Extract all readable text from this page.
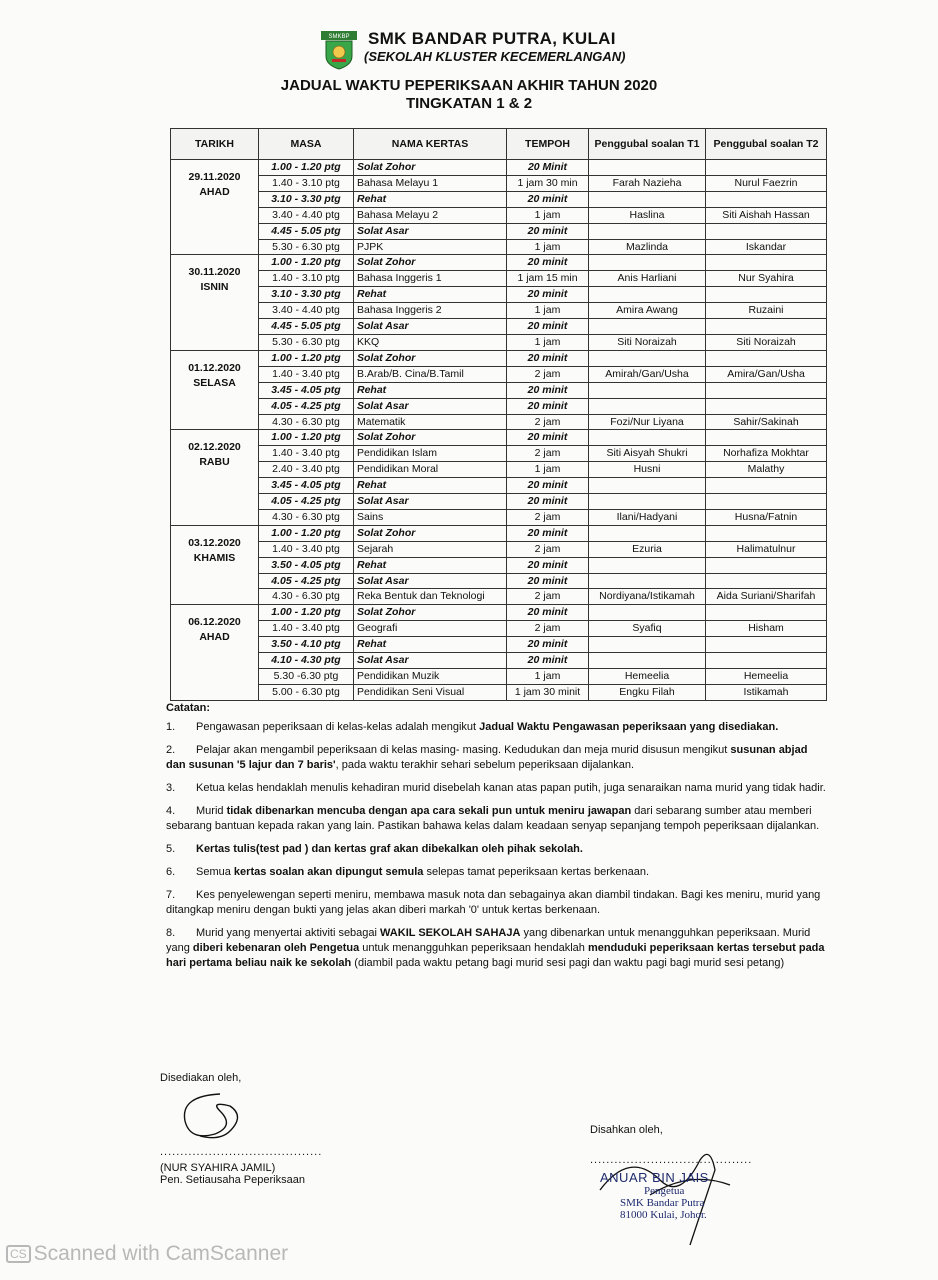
SMKBP SMK BANDAR PUTRA, KULAI
(SEKOLAH KLUSTER KECEMERLANGAN)
JADUAL WAKTU PEPERIKSAAN AKHIR TAHUN 2020
TINGKATAN 1 & 2
TARIKH	MASA	NAMA KERTAS	TEMPOH	Penggubal soalan T1	Penggubal soalan T2

29.11.2020
AHAD	1.00 - 1.20 ptg	Solat Zohor	20 Minit		
	1.40 - 3.10 ptg	Bahasa Melayu 1	1 jam 30 min	Farah Nazieha	Nurul Faezrin
	3.10 - 3.30 ptg	Rehat	20 minit		
	3.40 - 4.40 ptg	Bahasa Melayu 2	1 jam	Haslina	Siti Aishah Hassan
	4.45 - 5.05 ptg	Solat Asar	20 minit		
	5.30 - 6.30 ptg	PJPK	1 jam	Mazlinda	Iskandar

30.11.2020
ISNIN	1.00 - 1.20 ptg	Solat Zohor	20 minit		
	1.40 - 3.10 ptg	Bahasa Inggeris 1	1 jam 15 min	Anis Harliani	Nur Syahira
	3.10 - 3.30 ptg	Rehat	20 minit		
	3.40 - 4.40 ptg	Bahasa Inggeris 2	1 jam	Amira Awang	Ruzaini
	4.45 - 5.05 ptg	Solat Asar	20 minit		
	5.30 - 6.30 ptg	KKQ	1 jam	Siti Noraizah	Siti Noraizah

01.12.2020
SELASA	1.00 - 1.20 ptg	Solat Zohor	20 minit		
	1.40 - 3.40 ptg	B.Arab/B. Cina/B.Tamil	2 jam	Amirah/Gan/Usha	Amira/Gan/Usha
	3.45 - 4.05 ptg	Rehat	20 minit		
	4.05 - 4.25 ptg	Solat Asar	20 minit		
	4.30 - 6.30 ptg	Matematik	2 jam	Fozi/Nur Liyana	Sahir/Sakinah

02.12.2020
RABU	1.00 - 1.20 ptg	Solat Zohor	20 minit		
	1.40 - 3.40 ptg	Pendidikan Islam	2 jam	Siti Aisyah Shukri	Norhafiza Mokhtar
	2.40 - 3.40 ptg	Pendidikan Moral	1 jam	Husni	Malathy
	3.45 - 4.05 ptg	Rehat	20 minit		
	4.05 - 4.25 ptg	Solat Asar	20 minit		
	4.30 - 6.30 ptg	Sains	2 jam	Ilani/Hadyani	Husna/Fatnin

03.12.2020
KHAMIS	1.00 - 1.20 ptg	Solat Zohor	20 minit		
	1.40 - 3.40 ptg	Sejarah	2 jam	Ezuria	Halimatulnur
	3.50 - 4.05 ptg	Rehat	20 minit		
	4.05 - 4.25 ptg	Solat Asar	20 minit		
	4.30 - 6.30 ptg	Reka Bentuk dan Teknologi	2 jam	Nordiyana/Istikamah	Aida Suriani/Sharifah

06.12.2020
AHAD	1.00 - 1.20 ptg	Solat Zohor	20 minit		
	1.40 - 3.40 ptg	Geografi	2 jam	Syafiq	Hisham
	3.50 - 4.10 ptg	Rehat	20 minit		
	4.10 - 4.30 ptg	Solat Asar	20 minit		
	5.30 -6.30 ptg	Pendidikan Muzik	1 jam	Hemeelia	Hemeelia
	5.00 - 6.30 ptg	Pendidikan Seni Visual	1 jam 30 minit	Engku Filah	Istikamah
Catatan:
1. Pengawasan peperiksaan di kelas-kelas adalah mengikut Jadual Waktu Pengawasan peperiksaan yang disediakan.
2. Pelajar akan mengambil peperiksaan di kelas masing- masing. Kedudukan dan meja murid disusun mengikut susunan abjad dan susunan '5 lajur dan 7 baris', pada waktu terakhir sehari sebelum peperiksaan dijalankan.
3. Ketua kelas hendaklah menulis kehadiran murid disebelah kanan atas papan putih, juga senaraikan nama murid yang tidak hadir.
4. Murid tidak dibenarkan mencuba dengan apa cara sekali pun untuk meniru jawapan dari sebarang sumber atau memberi sebarang bantuan kepada rakan yang lain. Pastikan bahawa kelas dalam keadaan senyap sepanjang tempoh peperiksaan dijalankan.
5. Kertas tulis(test pad ) dan kertas graf akan dibekalkan oleh pihak sekolah.
6. Semua kertas soalan akan dipungut semula selepas tamat peperiksaan kertas berkenaan.
7. Kes penyelewengan seperti meniru, membawa masuk nota dan sebagainya akan diambil tindakan. Bagi kes meniru, murid yang ditangkap meniru dengan bukti yang jelas akan diberi markah '0' untuk kertas berkenaan.
8. Murid yang menyertai aktiviti sebagai WAKIL SEKOLAH SAHAJA yang dibenarkan untuk menangguhkan peperiksaan. Murid yang diberi kebenaran oleh Pengetua untuk menangguhkan peperiksaan hendaklah menduduki peperiksaan kertas tersebut pada hari pertama beliau naik ke sekolah (diambil pada waktu petang bagi murid sesi pagi dan waktu pagi bagi murid sesi petang)
Disediakan oleh,
........................................
(NUR SYAHIRA JAMIL)
Pen. Setiausaha Peperiksaan
Disahkan oleh,
........................................
ANUAR BIN JAIS
Pengetua
SMK Bandar Putra
81000 Kulai, Johor.
CS Scanned with CamScanner
